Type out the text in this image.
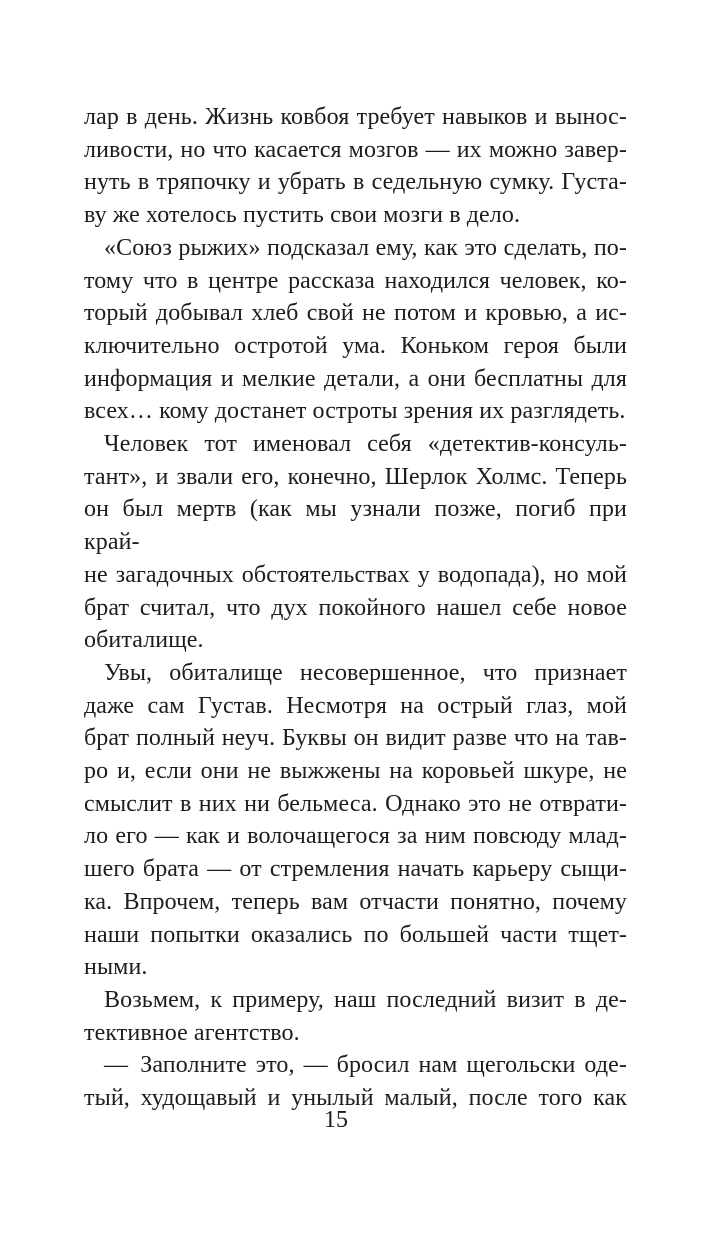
лар в день. Жизнь ковбоя требует навыков и вынос-
ливости, но что касается мозгов — их можно завер-
нуть в тряпочку и убрать в седельную сумку. Густа-
ву же хотелось пустить свои мозги в дело.
«Союз рыжих» подсказал ему, как это сделать, по-
тому что в центре рассказа находился человек, ко-
торый добывал хлеб свой не потом и кровью, а ис-
ключительно остротой ума. Коньком героя были
информация и мелкие детали, а они бесплатны для
всех… кому достанет остроты зрения их разглядеть.
Человек тот именовал себя «детектив-консуль-
тант», и звали его, конечно, Шерлок Холмс. Теперь
он был мертв (как мы узнали позже, погиб при край-
не загадочных обстоятельствах у водопада), но мой
брат считал, что дух покойного нашел себе новое
обиталище.
Увы, обиталище несовершенное, что признает
даже сам Густав. Несмотря на острый глаз, мой
брат полный неуч. Буквы он видит разве что на тав-
ро и, если они не выжжены на коровьей шкуре, не
смыслит в них ни бельмеса. Однако это не отврати-
ло его — как и волочащегося за ним повсюду млад-
шего брата — от стремления начать карьеру сыщи-
ка. Впрочем, теперь вам отчасти понятно, почему
наши попытки оказались по большей части тщет-
ными.
Возьмем, к примеру, наш последний визит в де-
тективное агентство.
— Заполните это, — бросил нам щегольски оде-
тый, худощавый и унылый малый, после того как
15
